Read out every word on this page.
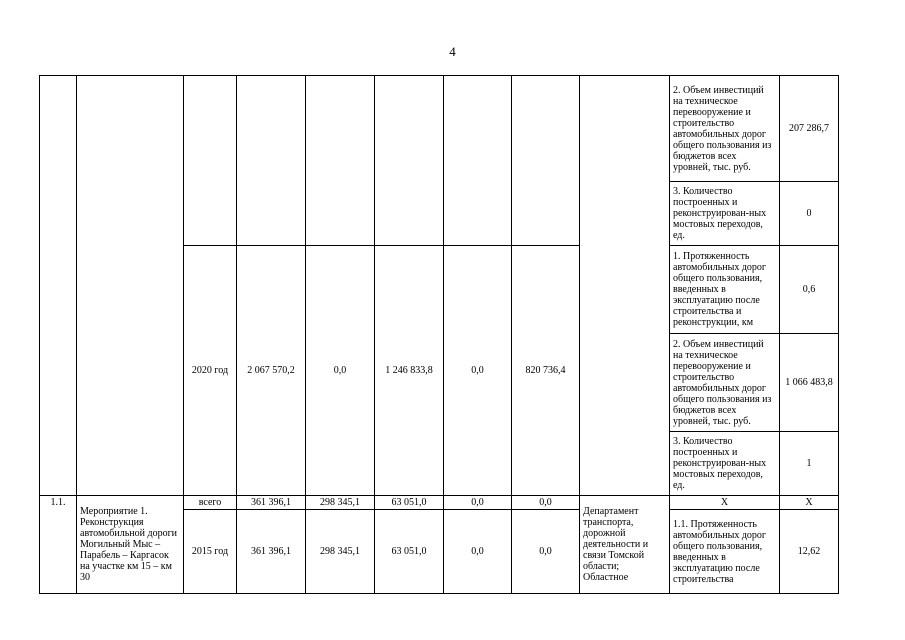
4
									2. Объем инвестиций на техническое перевооружение и строительство автомобильных дорог общего пользования из бюджетов всех уровней, тыс. руб.	207 286,7
									3. Количество построенных и реконструирован-ных мостовых переходов, ед.	0
		2020 год	2 067 570,2	0,0	1 246 833,8	0,0	820 736,4		1. Протяженность автомобильных дорог общего пользования, введенных в эксплуатацию после строительства и реконструкции, км	0,6
									2. Объем инвестиций на техническое перевооружение и строительство автомобильных дорог общего пользования из бюджетов всех уровней, тыс. руб.	1 066 483,8
									3. Количество построенных и реконструирован-ных мостовых переходов, ед.	1
1.1.	Мероприятие 1. Реконструкция автомобильной дороги Могильный Мыс – Парабель – Каргасок на участке км 15 – км 30	всего	361 396,1	298 345,1	63 051,0	0,0	0,0	Департамент транспорта, дорожной деятельности и связи Томской области; Областное	Х	Х
		2015 год	361 396,1	298 345,1	63 051,0	0,0	0,0		1.1. Протяженность автомобильных дорог общего пользования, введенных в эксплуатацию после строительства	12,62
